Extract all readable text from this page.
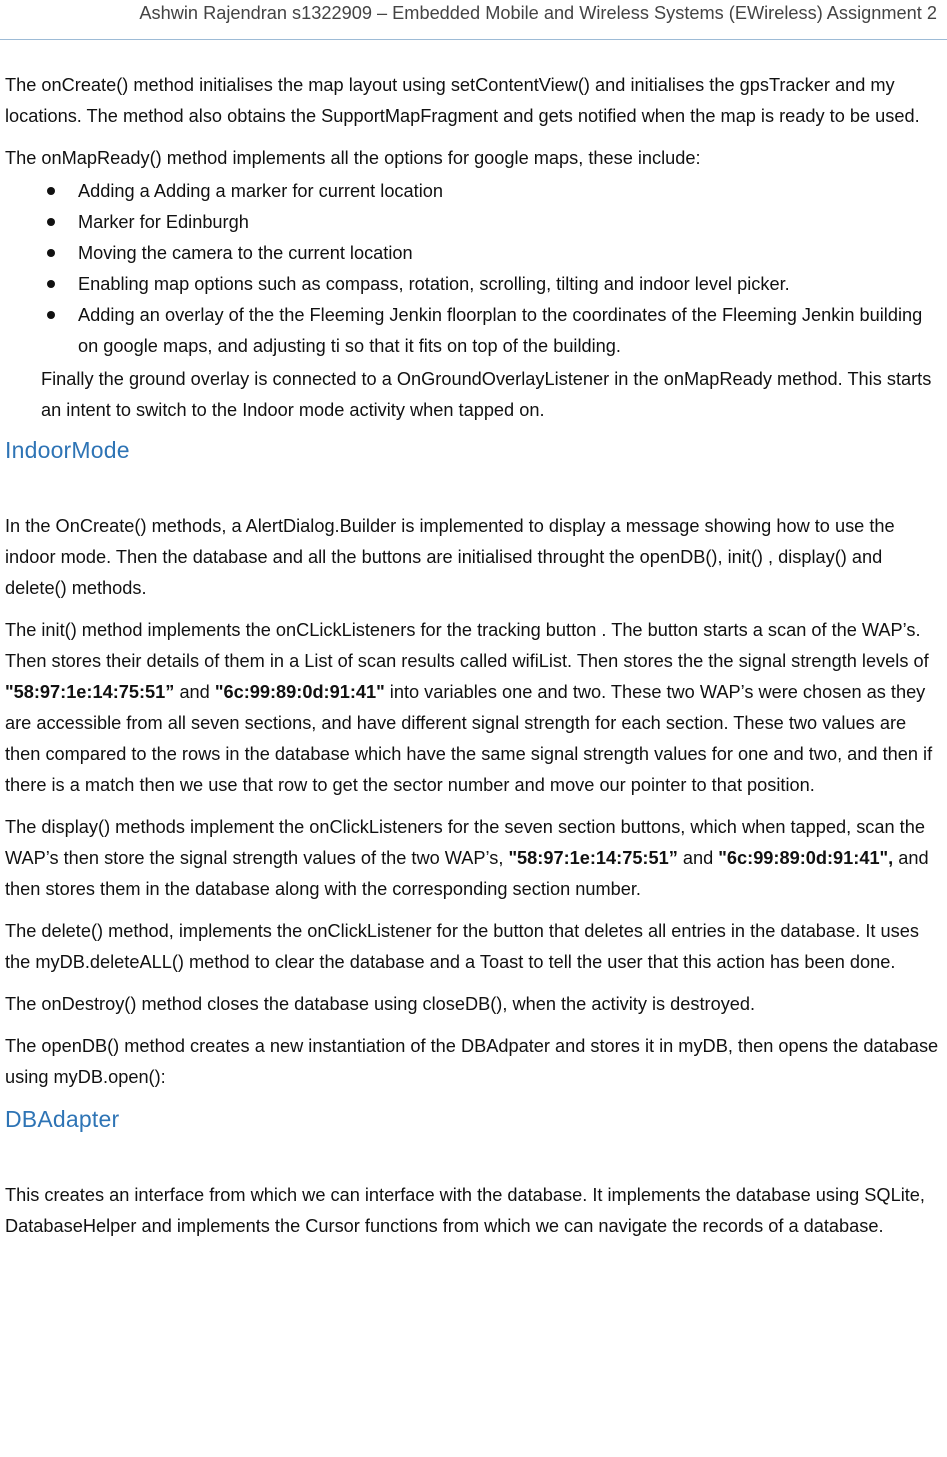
Ashwin Rajendran s1322909 – Embedded Mobile and Wireless Systems (EWireless) Assignment 2

The onCreate() method initialises the map layout using setContentView() and initialises the gpsTracker and my locations. The method also obtains the SupportMapFragment and gets notified when the map is ready to be used.

The onMapReady() method implements all the options for google maps, these include:

Adding a Adding a marker for current location
Marker for Edinburgh
Moving the camera to the current location
Enabling map options such as compass, rotation, scrolling, tilting and indoor level picker.
Adding an overlay of the the Fleeming Jenkin floorplan to the coordinates of the Fleeming Jenkin building on google maps, and adjusting ti so that it fits on top of the building.

Finally the ground overlay is connected to a OnGroundOverlayListener in the onMapReady method. This starts an intent to switch to the Indoor mode activity when tapped on.

IndoorMode

In the OnCreate() methods, a AlertDialog.Builder is implemented to display a message showing how to use the indoor mode. Then the database and all the buttons are initialised throught the openDB(), init() , display() and delete() methods.

The init() method implements the onCLickListeners for the tracking button . The button starts a scan of the WAP’s. Then stores their details of them in a List of scan results called wifiList. Then stores the the signal strength levels of "58:97:1e:14:75:51” and "6c:99:89:0d:91:41" into variables one and two. These two WAP’s were chosen as they are accessible from all seven sections, and have different signal strength for each section. These two values are then compared to the rows in the database which have the same signal strength values for one and two, and then if there is a match then we use that row to get the sector number and move our pointer to that position.

The display() methods implement the onClickListeners for the seven section buttons, which when tapped, scan the WAP’s then store the signal strength values of the two WAP’s, "58:97:1e:14:75:51” and "6c:99:89:0d:91:41", and then stores them in the database along with the corresponding section number.

The delete() method, implements the onClickListener for the button that deletes all entries in the database. It uses the myDB.deleteALL() method to clear the database and a Toast to tell the user that this action has been done.

The onDestroy() method closes the database using closeDB(), when the activity is destroyed.

The openDB() method creates a new instantiation of the DBAdpater and stores it in myDB, then opens the database using myDB.open():

DBAdapter

This creates an interface from which we can interface with the database. It implements the database using SQLite, DatabaseHelper and implements the Cursor functions from which we can navigate the records of a database.
